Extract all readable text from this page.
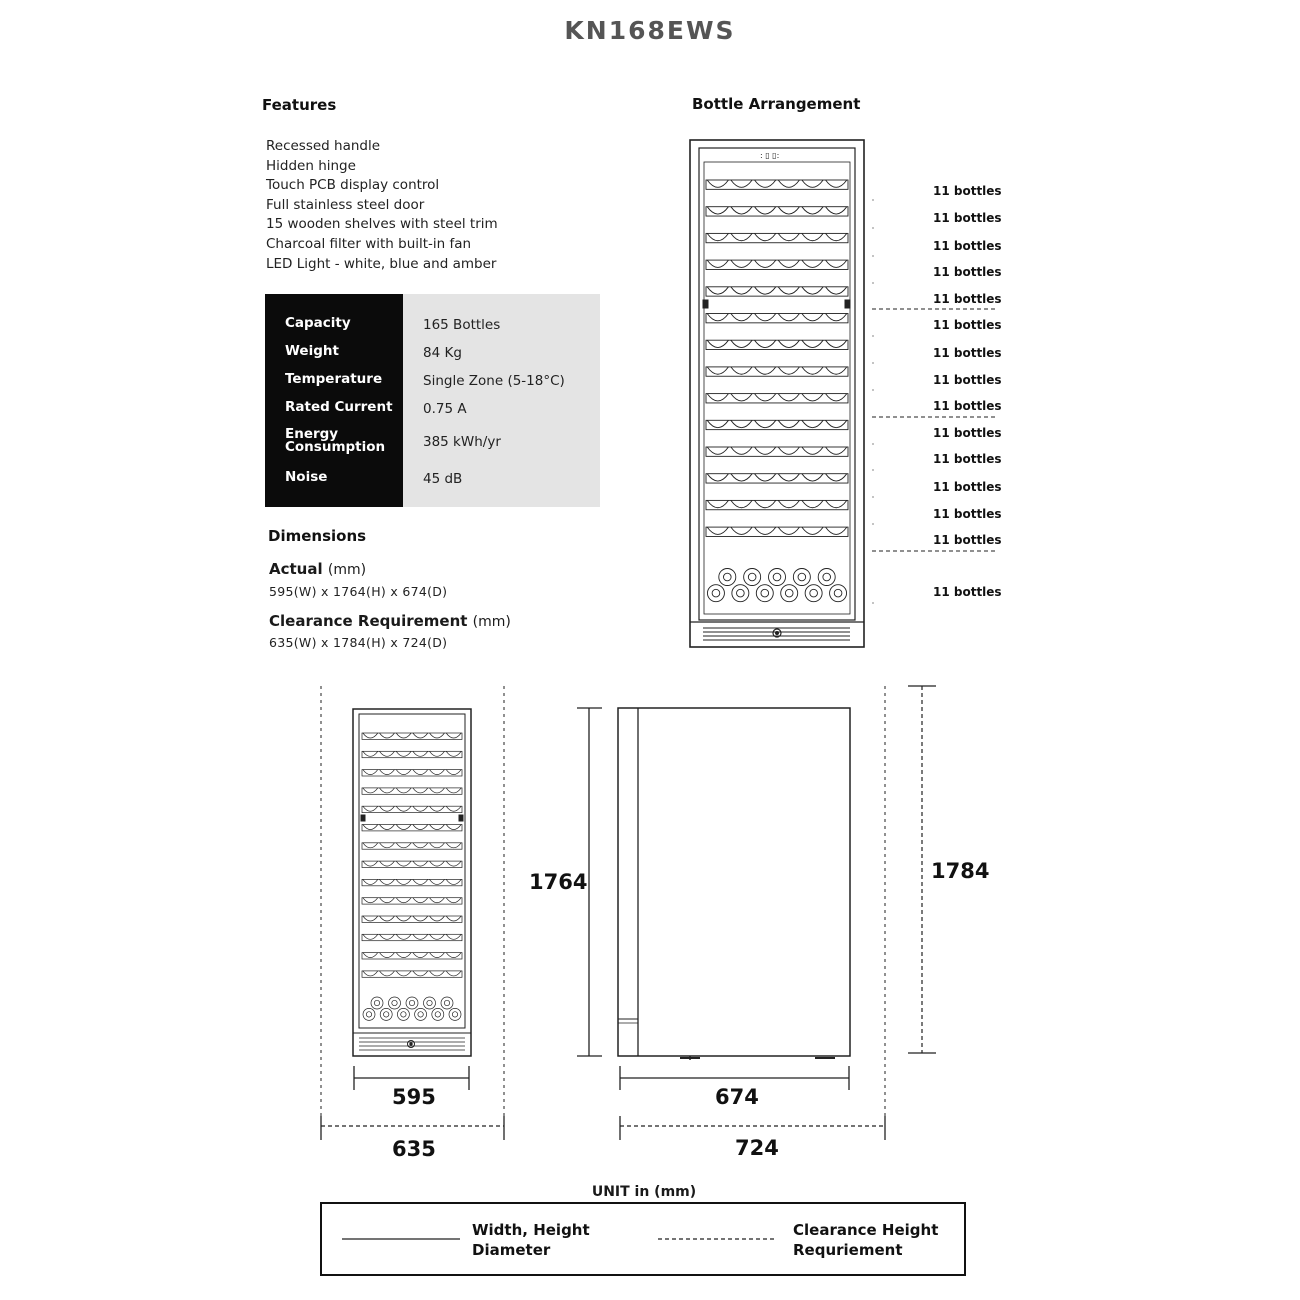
KN168EWS
Features
Recessed handle
Hidden hinge
Touch PCB display control
Full stainless steel door
15 wooden shelves with steel trim
Charcoal filter with built-in fan
LED Light - white, blue and amber
Capacity	165 Bottles
Weight	84 Kg
Temperature	Single Zone (5-18°C)
Rated Current 0.75 A
Energy
Consumption	385 kWh/yr
Noise	45 dB
Dimensions
Actual (mm)
595(W) x 1764(H) x 674(D)
Clearance Requirement (mm)
635(W) x 1784(H) x 724(D)
Bottle Arrangement
11 bottles
11 bottles
11 bottles
11 bottles
11 bottles
11 bottles
11 bottles
11 bottles
11 bottles
11 bottles
11 bottles
11 bottles
11 bottles
11 bottles
11 bottles
: ▯ ▯:
595
635
1764
674
724
1784
UNIT in (mm)
Width, Height
Diameter
Clearance Height
Requriement
